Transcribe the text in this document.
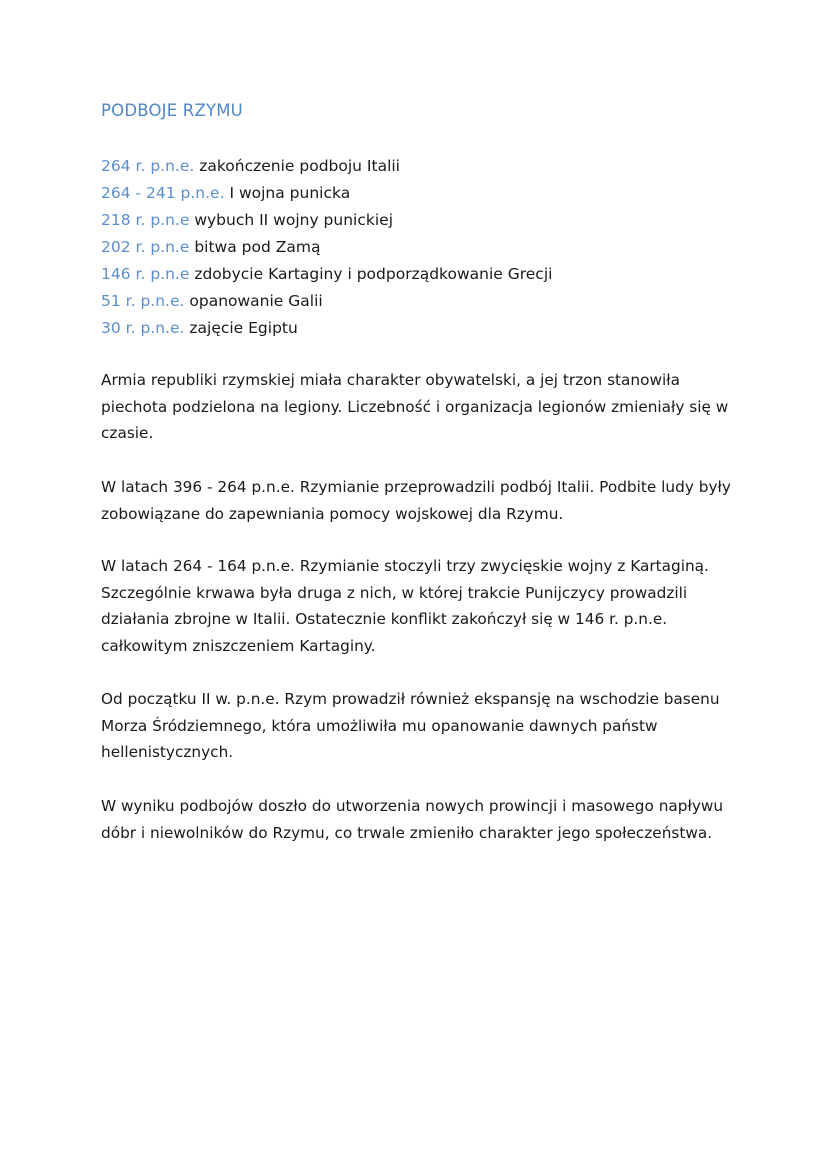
PODBOJE RZYMU
264 r. p.n.e. zakończenie podboju Italii
264 - 241 p.n.e. I wojna punicka
218 r. p.n.e wybuch II wojny punickiej
202 r. p.n.e bitwa pod Zamą
146 r. p.n.e zdobycie Kartaginy i podporządkowanie Grecji
51 r. p.n.e. opanowanie Galii
30 r. p.n.e. zajęcie Egiptu

Armia republiki rzymskiej miała charakter obywatelski, a jej trzon stanowiła piechota podzielona na legiony. Liczebność i organizacja legionów zmieniały się w czasie.

W latach 396 - 264 p.n.e. Rzymianie przeprowadzili podbój Italii. Podbite ludy były zobowiązane do zapewniania pomocy wojskowej dla Rzymu.

W latach 264 - 164 p.n.e. Rzymianie stoczyli trzy zwycięskie wojny z Kartaginą. Szczególnie krwawa była druga z nich, w której trakcie Punijczycy prowadzili działania zbrojne w Italii. Ostatecznie konflikt zakończył się w 146 r. p.n.e. całkowitym zniszczeniem Kartaginy.

Od początku II w. p.n.e. Rzym prowadził również ekspansję na wschodzie basenu Morza Śródziemnego, która umożliwiła mu opanowanie dawnych państw hellenistycznych.

W wyniku podbojów doszło do utworzenia nowych prowincji i masowego napływu dóbr i niewolników do Rzymu, co trwale zmieniło charakter jego społeczeństwa.
